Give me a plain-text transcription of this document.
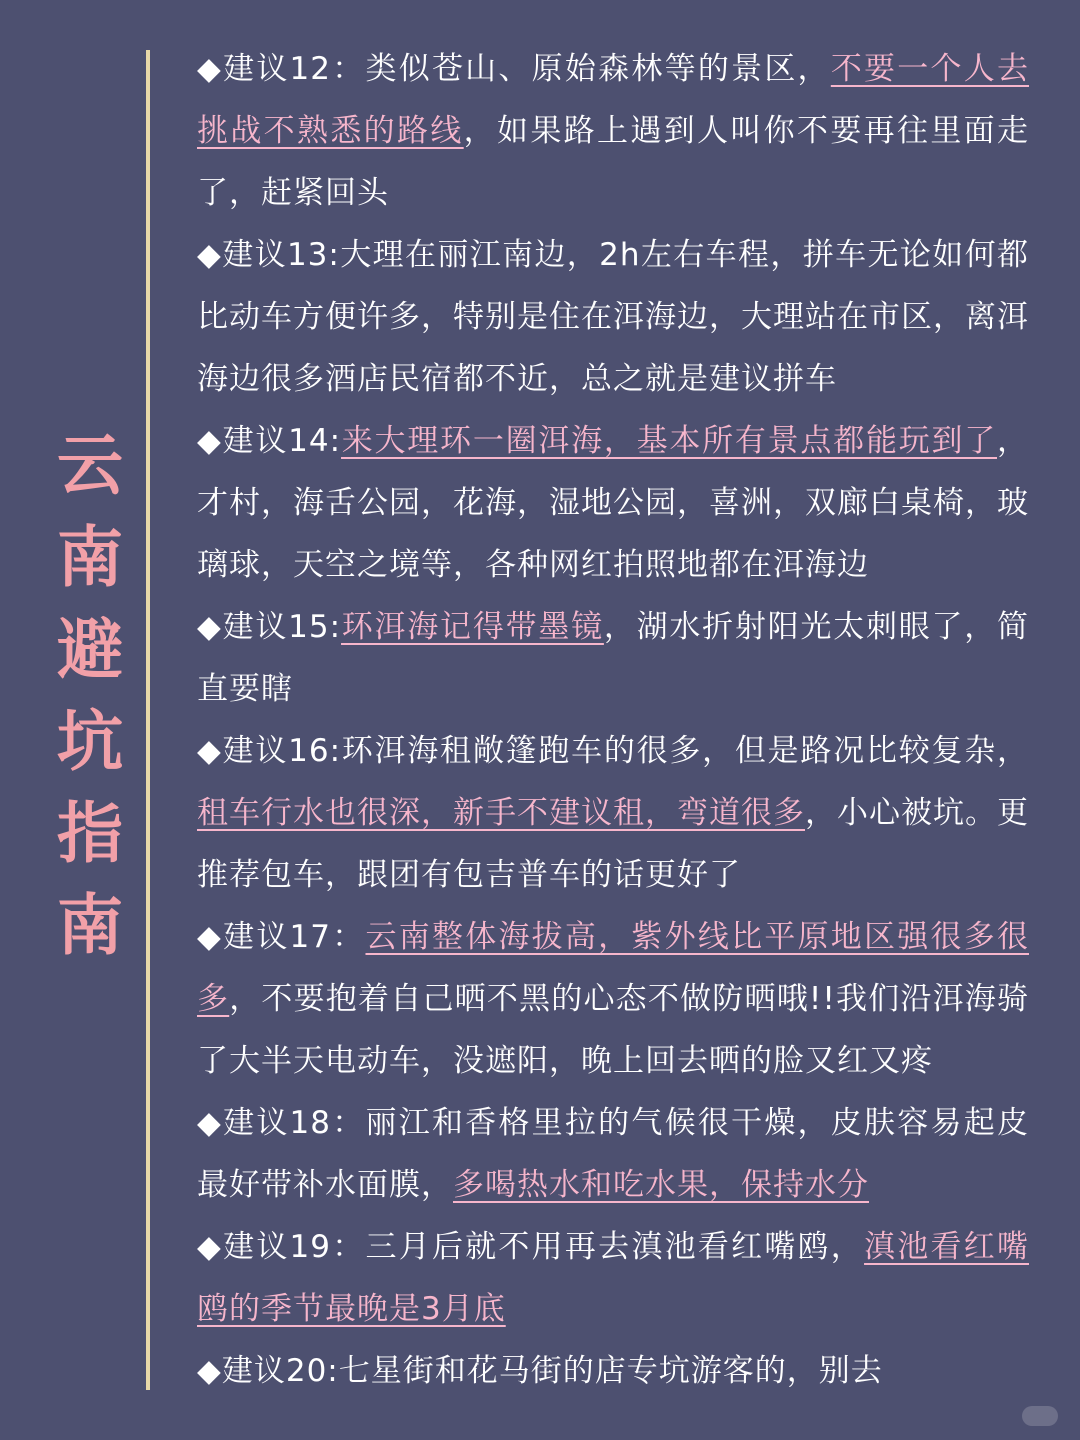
云
南
避
坑
指
南

◆建议12：类似苍山、原始森林等的景区，不要一个人去挑战不熟悉的路线，如果路上遇到人叫你不要再往里面走了，赶紧回头

◆建议13:大理在丽江南边，2h左右车程，拼车无论如何都比动车方便许多，特别是住在洱海边，大理站在市区，离洱海边很多酒店民宿都不近，总之就是建议拼车

◆建议14:来大理环一圈洱海，基本所有景点都能玩到了，才村，海舌公园，花海，湿地公园，喜洲，双廊白桌椅，玻璃球，天空之境等，各种网红拍照地都在洱海边

◆建议15:环洱海记得带墨镜，湖水折射阳光太刺眼了，简直要瞎

◆建议16:环洱海租敞篷跑车的很多，但是路况比较复杂，租车行水也很深，新手不建议租，弯道很多，小心被坑。更推荐包车，跟团有包吉普车的话更好了

◆建议17：云南整体海拔高，紫外线比平原地区强很多很多，不要抱着自己晒不黑的心态不做防晒哦!!我们沿洱海骑了大半天电动车，没遮阳，晚上回去晒的脸又红又疼

◆建议18：丽江和香格里拉的气候很干燥，皮肤容易起皮最好带补水面膜，多喝热水和吃水果，保持水分

◆建议19：三月后就不用再去滇池看红嘴鸥，滇池看红嘴鸥的季节最晚是3月底

◆建议20:七星街和花马街的店专坑游客的，别去
